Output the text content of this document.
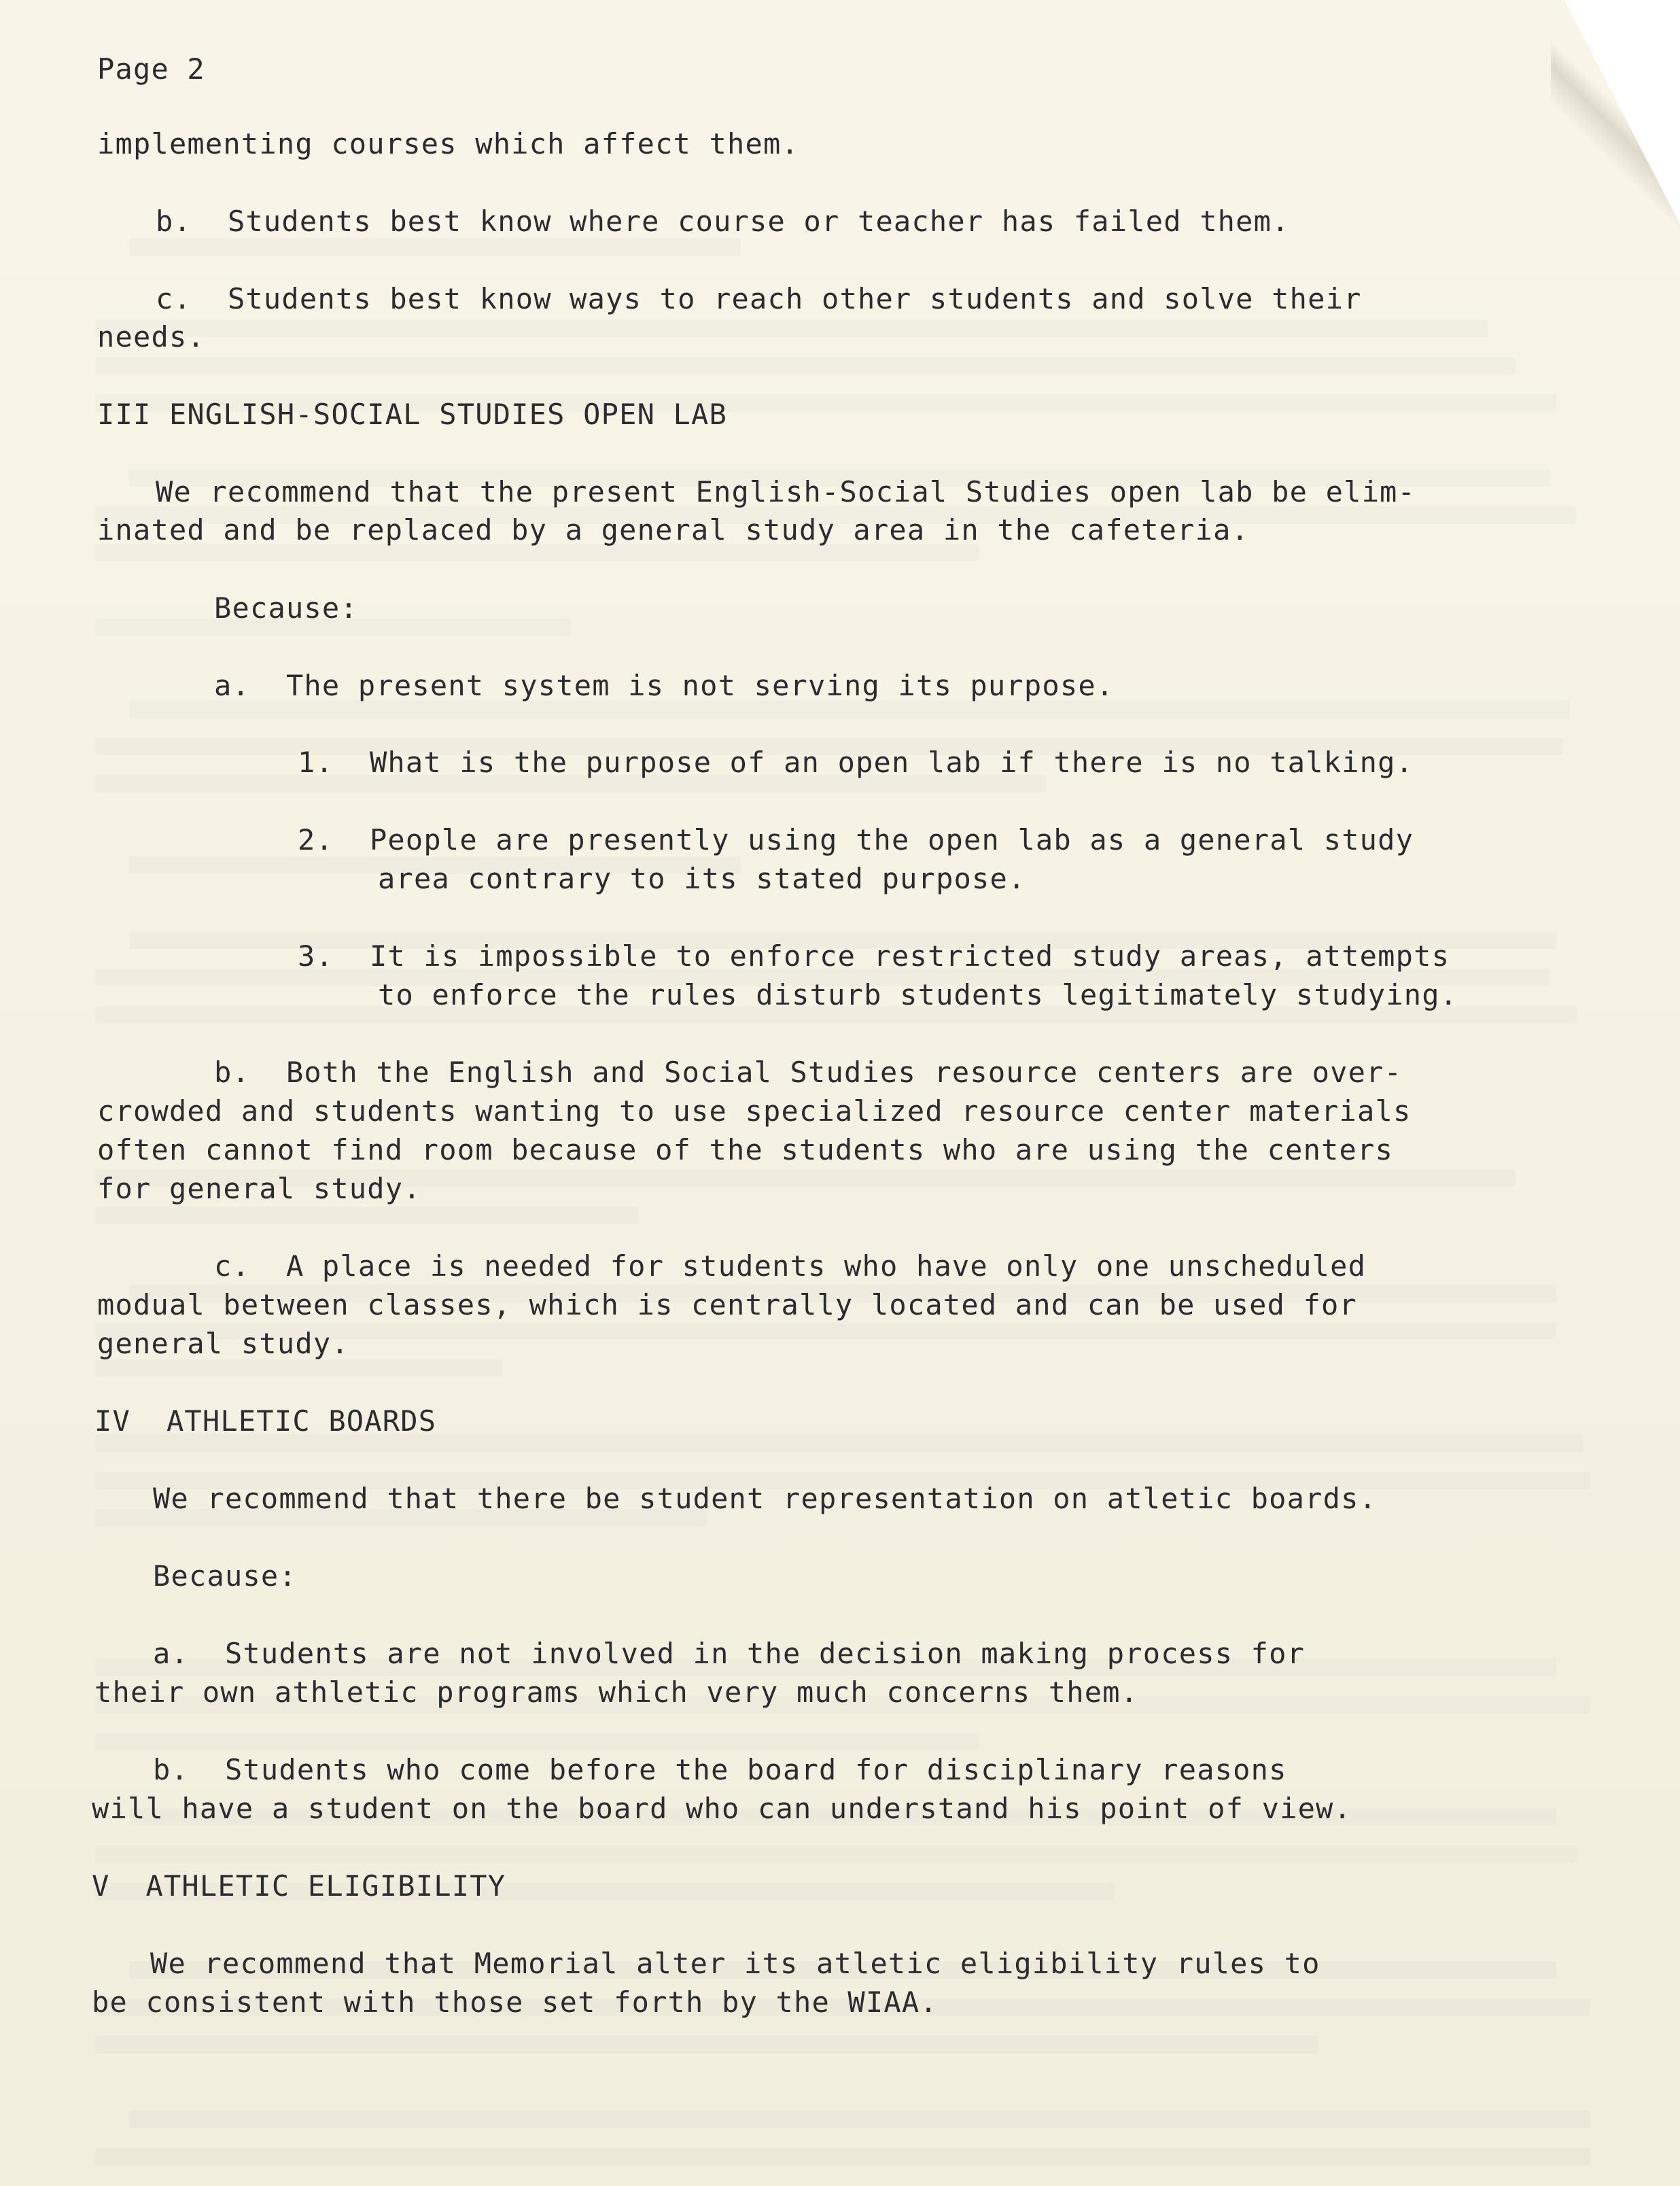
Page 2
implementing courses which affect them.
b.  Students best know where course or teacher has failed them.
c.  Students best know ways to reach other students and solve their
needs.
III ENGLISH-SOCIAL STUDIES OPEN LAB
We recommend that the present English-Social Studies open lab be elim-
inated and be replaced by a general study area in the cafeteria.
Because:
a.  The present system is not serving its purpose.
1.  What is the purpose of an open lab if there is no talking.
2.  People are presently using the open lab as a general study
area contrary to its stated purpose.
3.  It is impossible to enforce restricted study areas, attempts
to enforce the rules disturb students legitimately studying.
b.  Both the English and Social Studies resource centers are over-
crowded and students wanting to use specialized resource center materials
often cannot find room because of the students who are using the centers
for general study.
c.  A place is needed for students who have only one unscheduled
modual between classes, which is centrally located and can be used for
general study.
IV  ATHLETIC BOARDS
We recommend that there be student representation on atletic boards.
Because:
a.  Students are not involved in the decision making process for
their own athletic programs which very much concerns them.
b.  Students who come before the board for disciplinary reasons
will have a student on the board who can understand his point of view.
V  ATHLETIC ELIGIBILITY
We recommend that Memorial alter its atletic eligibility rules to
be consistent with those set forth by the WIAA.
